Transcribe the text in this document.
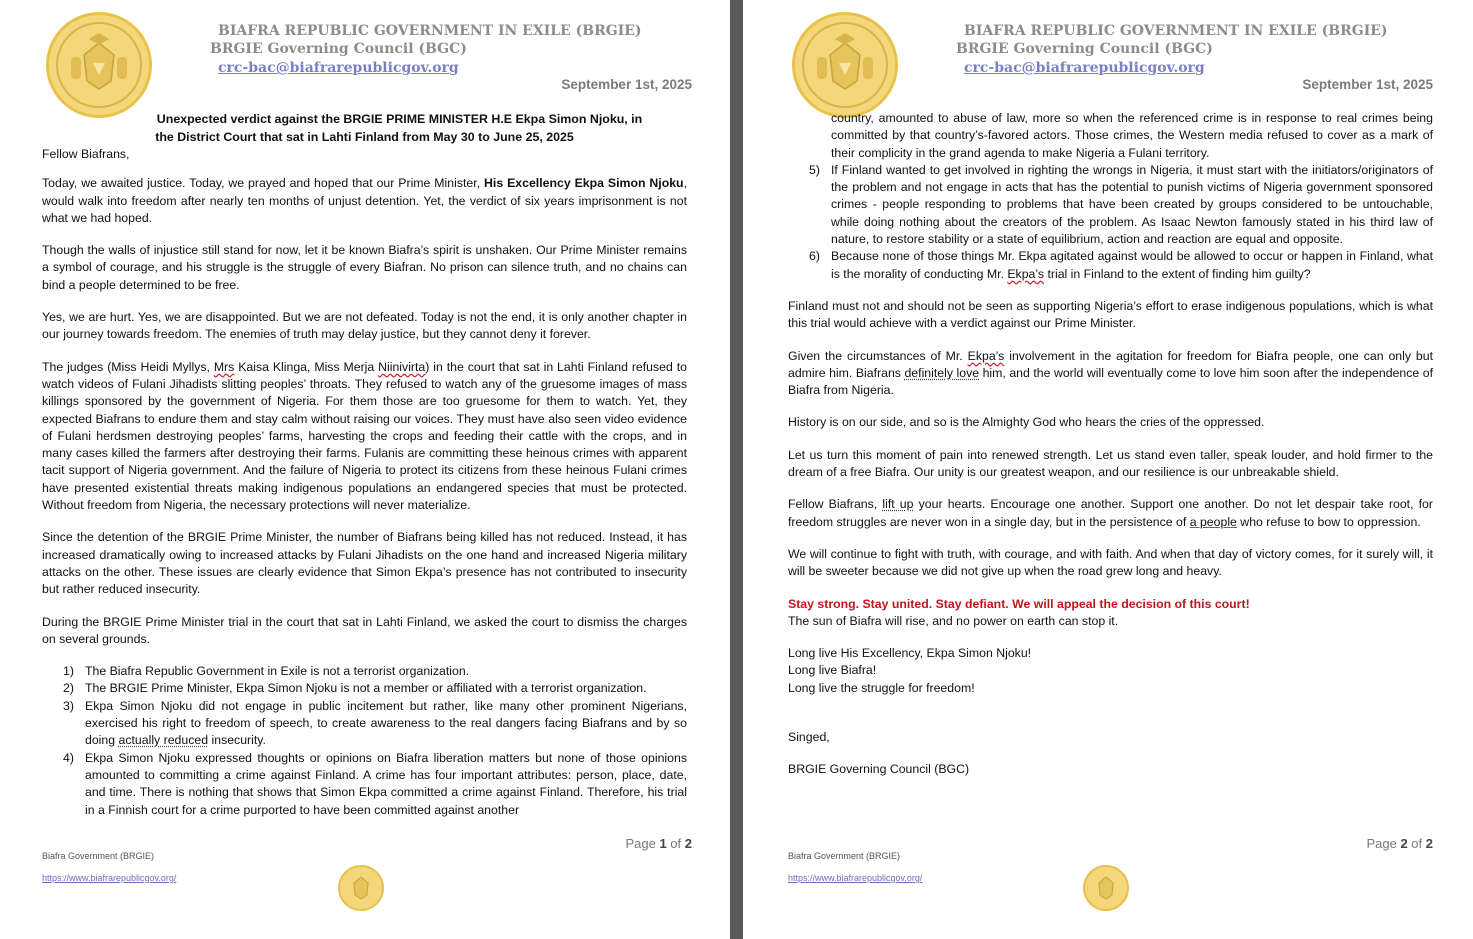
BIAFRA REPUBLIC GOVERNMENT IN EXILE (BRGIE)
BRGIE Governing Council (BGC)
crc-bac@biafrarepublicgov.org
September 1st, 2025
Unexpected verdict against the BRGIE PRIME MINISTER H.E Ekpa Simon Njoku, in
the District Court that sat in Lahti Finland from May 30 to June 25, 2025

Fellow Biafrans,

Today, we awaited justice. Today, we prayed and hoped that our Prime Minister, His Excellency Ekpa Simon Njoku, would walk into freedom after nearly ten months of unjust detention. Yet, the verdict of six years imprisonment is not what we had hoped.

Though the walls of injustice still stand for now, let it be known Biafra’s spirit is unshaken. Our Prime Minister remains a symbol of courage, and his struggle is the struggle of every Biafran. No prison can silence truth, and no chains can bind a people determined to be free.

Yes, we are hurt. Yes, we are disappointed. But we are not defeated. Today is not the end, it is only another chapter in our journey towards freedom. The enemies of truth may delay justice, but they cannot deny it forever.

The judges (Miss Heidi Myllys, Mrs Kaisa Klinga, Miss Merja Niinivirta) in the court that sat in Lahti Finland refused to watch videos of Fulani Jihadists slitting peoples’ throats. They refused to watch any of the gruesome images of mass killings sponsored by the government of Nigeria. For them those are too gruesome for them to watch. Yet, they expected Biafrans to endure them and stay calm without raising our voices. They must have also seen video evidence of Fulani herdsmen destroying peoples’ farms, harvesting the crops and feeding their cattle with the crops, and in many cases killed the farmers after destroying their farms. Fulanis are committing these heinous crimes with apparent tacit support of Nigeria government. And the failure of Nigeria to protect its citizens from these heinous Fulani crimes have presented existential threats making indigenous populations an endangered species that must be protected. Without freedom from Nigeria, the necessary protections will never materialize.

Since the detention of the BRGIE Prime Minister, the number of Biafrans being killed has not reduced. Instead, it has increased dramatically owing to increased attacks by Fulani Jihadists on the one hand and increased Nigeria military attacks on the other. These issues are clearly evidence that Simon Ekpa’s presence has not contributed to insecurity but rather reduced insecurity.

During the BRGIE Prime Minister trial in the court that sat in Lahti Finland, we asked the court to dismiss the charges on several grounds.

1) The Biafra Republic Government in Exile is not a terrorist organization.
2) The BRGIE Prime Minister, Ekpa Simon Njoku is not a member or affiliated with a terrorist organization.
3) Ekpa Simon Njoku did not engage in public incitement but rather, like many other prominent Nigerians, exercised his right to freedom of speech, to create awareness to the real dangers facing Biafrans and by so doing actually reduced insecurity.
4) Ekpa Simon Njoku expressed thoughts or opinions on Biafra liberation matters but none of those opinions amounted to committing a crime against Finland. A crime has four important attributes: person, place, date, and time. There is nothing that shows that Simon Ekpa committed a crime against Finland. Therefore, his trial in a Finnish court for a crime purported to have been committed against another
Page 1 of 2
Biafra Government (BRGIE)
https://www.biafrarepublicgov.org/
BIAFRA REPUBLIC GOVERNMENT IN EXILE (BRGIE)
BRGIE Governing Council (BGC)
crc-bac@biafrarepublicgov.org
September 1st, 2025
country, amounted to abuse of law, more so when the referenced crime is in response to real crimes being committed by that country’s-favored actors. Those crimes, the Western media refused to cover as a mark of their complicity in the grand agenda to make Nigeria a Fulani territory.
5) If Finland wanted to get involved in righting the wrongs in Nigeria, it must start with the initiators/originators of the problem and not engage in acts that has the potential to punish victims of Nigeria government sponsored crimes - people responding to problems that have been created by groups considered to be untouchable, while doing nothing about the creators of the problem. As Isaac Newton famously stated in his third law of nature, to restore stability or a state of equilibrium, action and reaction are equal and opposite.
6) Because none of those things Mr. Ekpa agitated against would be allowed to occur or happen in Finland, what is the morality of conducting Mr. Ekpa’s trial in Finland to the extent of finding him guilty?

Finland must not and should not be seen as supporting Nigeria’s effort to erase indigenous populations, which is what this trial would achieve with a verdict against our Prime Minister.

Given the circumstances of Mr. Ekpa’s involvement in the agitation for freedom for Biafra people, one can only but admire him. Biafrans definitely love him, and the world will eventually come to love him soon after the independence of Biafra from Nigeria.

History is on our side, and so is the Almighty God who hears the cries of the oppressed.

Let us turn this moment of pain into renewed strength. Let us stand even taller, speak louder, and hold firmer to the dream of a free Biafra. Our unity is our greatest weapon, and our resilience is our unbreakable shield.

Fellow Biafrans, lift up your hearts. Encourage one another. Support one another. Do not let despair take root, for freedom struggles are never won in a single day, but in the persistence of a people who refuse to bow to oppression.

We will continue to fight with truth, with courage, and with faith. And when that day of victory comes, for it surely will, it will be sweeter because we did not give up when the road grew long and heavy.

Stay strong. Stay united. Stay defiant. We will appeal the decision of this court!

The sun of Biafra will rise, and no power on earth can stop it.

Long live His Excellency, Ekpa Simon Njoku!

Long live Biafra!

Long live the struggle for freedom!

Singed,

BRGIE Governing Council (BGC)

Page 2 of 2
Biafra Government (BRGIE)
https://www.biafrarepublicgov.org/
